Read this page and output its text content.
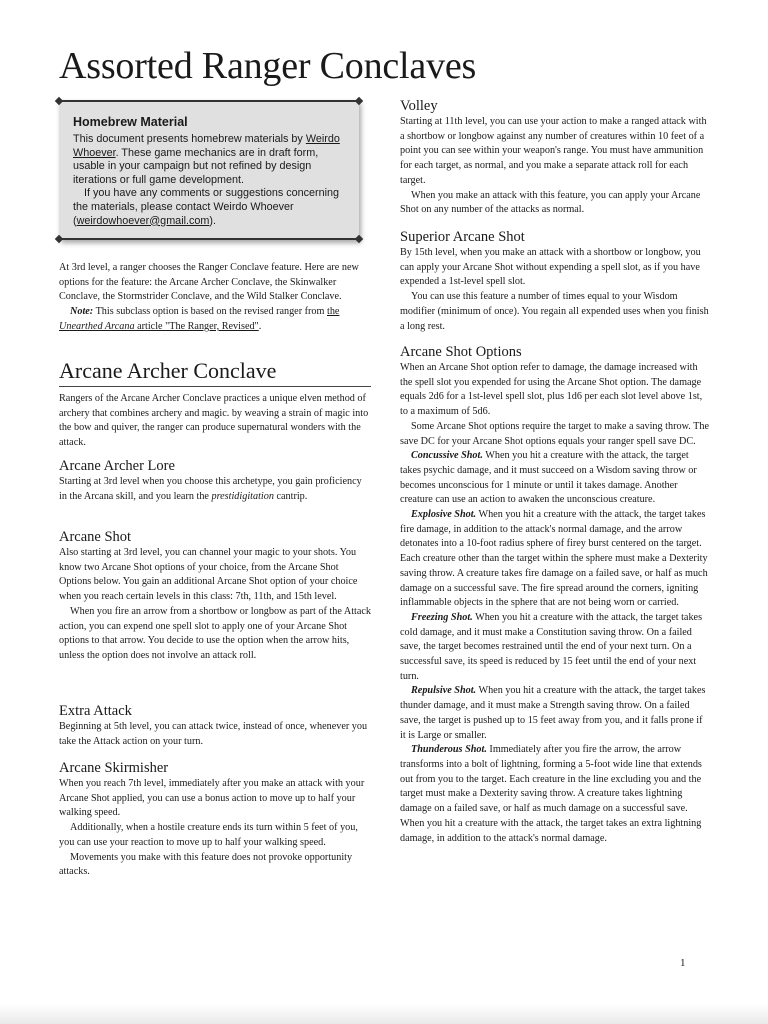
Assorted Ranger Conclaves
Homebrew Material

This document presents homebrew materials by Weirdo Whoever. These game mechanics are in draft form, usable in your campaign but not refined by design iterations or full game development.

If you have any comments or suggestions concerning the materials, please contact Weirdo Whoever (weirdowhoever@gmail.com).

At 3rd level, a ranger chooses the Ranger Conclave feature. Here are new options for the feature: the Arcane Archer Conclave, the Skinwalker Conclave, the Stormstrider Conclave, and the Wild Stalker Conclave.

Note: This subclass option is based on the revised ranger from the Unearthed Arcana article "The Ranger, Revised".

Arcane Archer Conclave

Rangers of the Arcane Archer Conclave practices a unique elven method of archery that combines archery and magic. by weaving a strain of magic into the bow and quiver, the ranger can produce supernatural wonders with the attack.

Arcane Archer Lore

Starting at 3rd level when you choose this archetype, you gain proficiency in the Arcana skill, and you learn the prestidigitation cantrip.

Arcane Shot

Also starting at 3rd level, you can channel your magic to your shots. You know two Arcane Shot options of your choice, from the Arcane Shot Options below. You gain an additional Arcane Shot option of your choice when you reach certain levels in this class: 7th, 11th, and 15th level.

When you fire an arrow from a shortbow or longbow as part of the Attack action, you can expend one spell slot to apply one of your Arcane Shot options to that arrow. You decide to use the option when the arrow hits, unless the option does not involve an attack roll.

Extra Attack

Beginning at 5th level, you can attack twice, instead of once, whenever you take the Attack action on your turn.

Arcane Skirmisher

When you reach 7th level, immediately after you make an attack with your Arcane Shot applied, you can use a bonus action to move up to half your walking speed.

Additionally, when a hostile creature ends its turn within 5 feet of you, you can use your reaction to move up to half your walking speed.

Movements you make with this feature does not provoke opportunity attacks.

Volley

Starting at 11th level, you can use your action to make a ranged attack with a shortbow or longbow against any number of creatures within 10 feet of a point you can see within your weapon's range. You must have ammunition for each target, as normal, and you make a separate attack roll for each target.

When you make an attack with this feature, you can apply your Arcane Shot on any number of the attacks as normal.

Superior Arcane Shot

By 15th level, when you make an attack with a shortbow or longbow, you can apply your Arcane Shot without expending a spell slot, as if you have expended a 1st-level spell slot.

You can use this feature a number of times equal to your Wisdom modifier (minimum of once). You regain all expended uses when you finish a long rest.

Arcane Shot Options

When an Arcane Shot option refer to damage, the damage increased with the spell slot you expended for using the Arcane Shot option. The damage equals 2d6 for a 1st-level spell slot, plus 1d6 per each slot level above 1st, to a maximum of 5d6.

Some Arcane Shot options require the target to make a saving throw. The save DC for your Arcane Shot options equals your ranger spell save DC.

Concussive Shot. When you hit a creature with the attack, the target takes psychic damage, and it must succeed on a Wisdom saving throw or becomes unconscious for 1 minute or until it takes damage. Another creature can use an action to awaken the unconscious creature.

Explosive Shot. When you hit a creature with the attack, the target takes fire damage, in addition to the attack's normal damage, and the arrow detonates into a 10-foot radius sphere of firey burst centered on the target. Each creature other than the target within the sphere must make a Dexterity saving throw. A creature takes fire damage on a failed save, or half as much damage on a successful save. The fire spread around the corners, igniting inflammable objects in the sphere that are not being worn or carried.

Freezing Shot. When you hit a creature with the attack, the target takes cold damage, and it must make a Constitution saving throw. On a failed save, the target becomes restrained until the end of your next turn. On a successful save, its speed is reduced by 15 feet until the end of your next turn.

Repulsive Shot. When you hit a creature with the attack, the target takes thunder damage, and it must make a Strength saving throw. On a failed save, the target is pushed up to 15 feet away from you, and it falls prone if it is Large or smaller.

Thunderous Shot. Immediately after you fire the arrow, the arrow transforms into a bolt of lightning, forming a 5-foot wide line that extends out from you to the target. Each creature in the line excluding you and the target must make a Dexterity saving throw. A creature takes lightning damage on a failed save, or half as much damage on a successful save. When you hit a creature with the attack, the target takes an extra lightning damage, in addition to the attack's normal damage.

1
